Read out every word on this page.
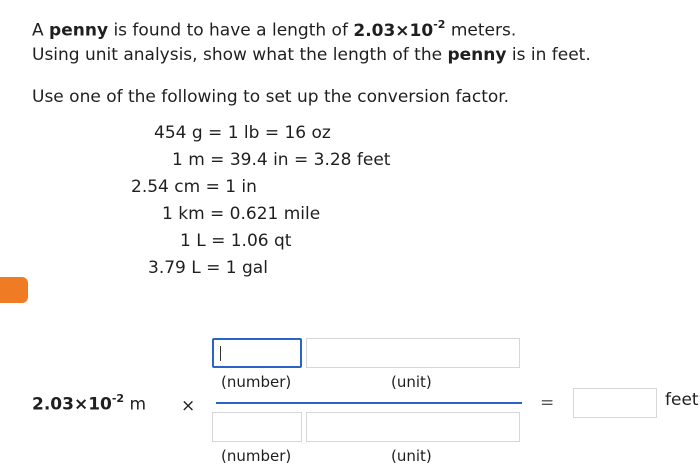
A penny is found to have a length of $2.03\times 10^{-2}$ meters.
Using unit analysis, show what the length of the penny is in feet.
Use one of the following to set up the conversion factor.
454 g = 1 lb = 16 oz
1 m = 39.4 in = 3.28 feet
2.54 cm = 1 in
1 km = 0.621 mile
1 L = 1.06 qt
3.79 L = 1 gal
(number)	(unit)
$2.03\times 10^{-2}$ m ×
(number)	(unit)
=	feet
